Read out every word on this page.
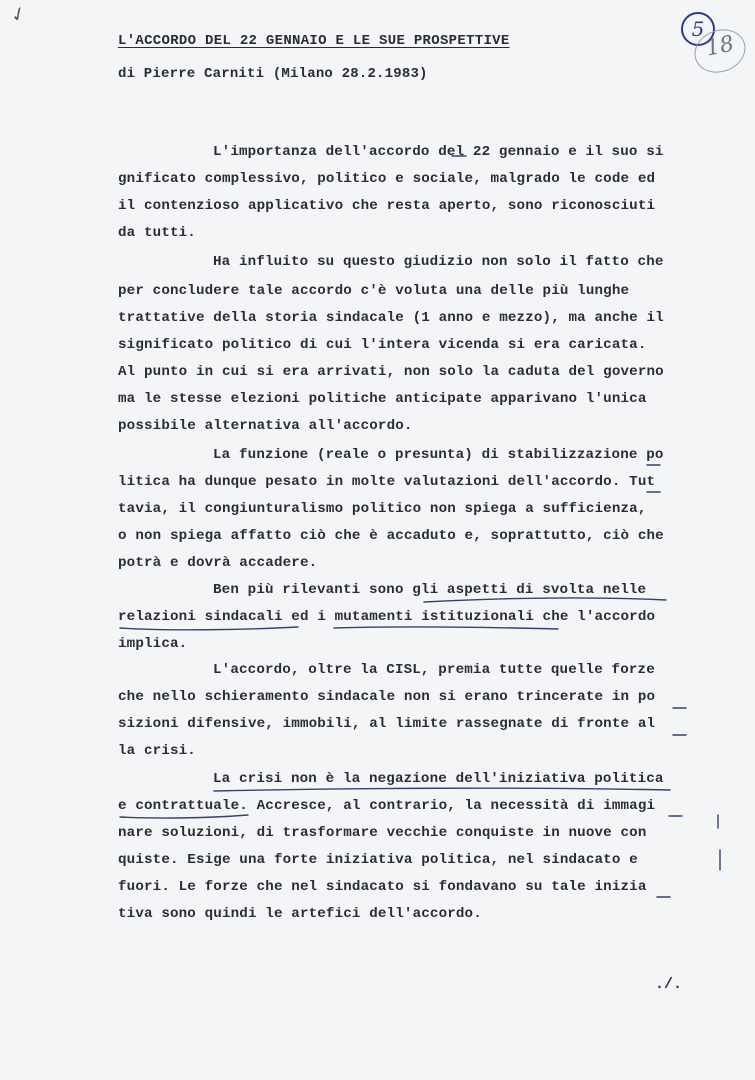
✓
L'ACCORDO DEL 22 GENNAIO E LE SUE PROSPETTIVE
di Pierre Carniti (Milano 28.2.1983)
5
18
L'importanza dell'accordo del 22 gennaio e il suo si
gnificato complessivo, politico e sociale, malgrado le code ed
il contenzioso applicativo che resta aperto, sono riconosciuti
da tutti.
Ha influito su questo giudizio non solo il fatto che
per concludere tale accordo c'è voluta una delle più lunghe
trattative della storia sindacale (1 anno e mezzo), ma anche il
significato politico di cui l'intera vicenda si era caricata.
Al punto in cui si era arrivati, non solo la caduta del governo
ma le stesse elezioni politiche anticipate apparivano l'unica
possibile alternativa all'accordo.
La funzione (reale o presunta) di stabilizzazione po
litica ha dunque pesato in molte valutazioni dell'accordo. Tut
tavia, il congiunturalismo politico non spiega a sufficienza,
o non spiega affatto ciò che è accaduto e, soprattutto, ciò che
potrà e dovrà accadere.
Ben più rilevanti sono gli aspetti di svolta nelle
relazioni sindacali ed i mutamenti istituzionali che l'accordo
implica.
L'accordo, oltre la CISL, premia tutte quelle forze
che nello schieramento sindacale non si erano trincerate in po
sizioni difensive, immobili, al limite rassegnate di fronte al
la crisi.
La crisi non è la negazione dell'iniziativa politica
e contrattuale. Accresce, al contrario, la necessità di immagi
nare soluzioni, di trasformare vecchie conquiste in nuove con
quiste. Esige una forte iniziativa politica, nel sindacato e
fuori. Le forze che nel sindacato si fondavano su tale inizia
tiva sono quindi le artefici dell'accordo.
./.
